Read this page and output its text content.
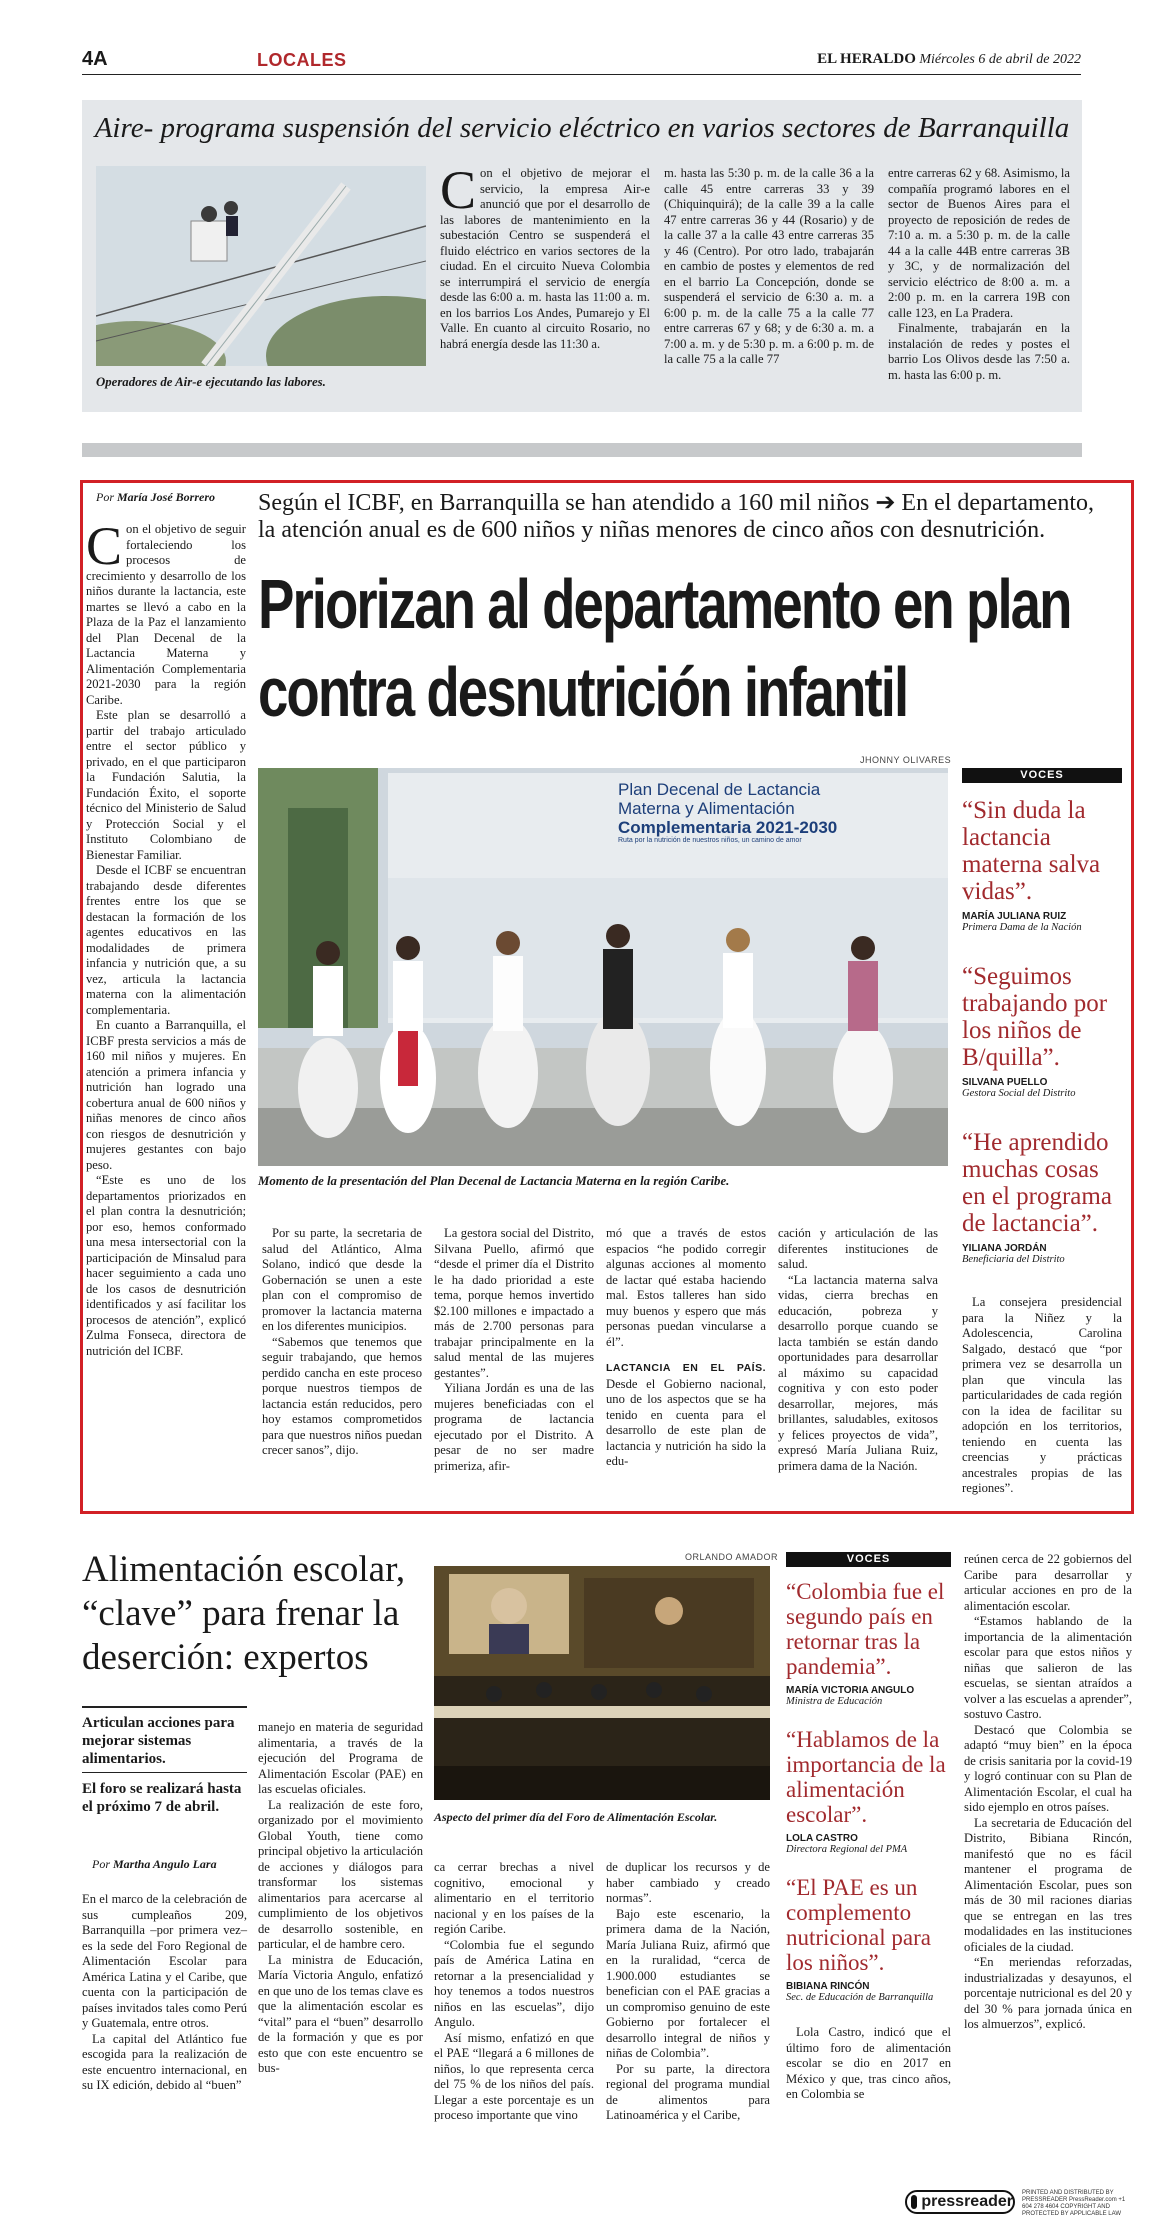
4A	LOCALES	EL HERALDO Miércoles 6 de abril de 2022
Aire- programa suspensión del servicio eléctrico en varios sectores de Barranquilla
Operadores de Air-e ejecutando las labores.
Con el objetivo de mejorar el servicio, la empresa Air-e anunció que por el desarrollo de las labores de mantenimiento en la subestación Centro se suspenderá el fluido eléctrico en varios sectores de la ciudad. En el circuito Nueva Colombia se interrumpirá el servicio de energía desde las 6:00 a. m. hasta las 11:00 a. m. en los barrios Los Andes, Pumarejo y El Valle. En cuanto al circuito Rosario, no habrá energía desde las 11:30 a.
m. hasta las 5:30 p. m. de la calle 36 a la calle 45 entre carreras 33 y 39 (Chiquinquirá); de la calle 39 a la calle 47 entre carreras 36 y 44 (Rosario) y de la calle 37 a la calle 43 entre carreras 35 y 46 (Centro). Por otro lado, trabajarán en cambio de postes y elementos de red en el barrio La Concepción, donde se suspenderá el servicio de 6:30 a. m. a 6:00 p. m. de la calle 75 a la calle 77 entre carreras 67 y 68; y de 6:30 a. m. a 7:00 a. m. y de 5:30 p. m. a 6:00 p. m. de la calle 75 a la calle 77
entre carreras 62 y 68. Asimismo, la compañía programó labores en el sector de Buenos Aires para el proyecto de reposición de redes de 7:10 a. m. a 5:30 p. m. de la calle 44 a la calle 44B entre carreras 3B y 3C, y de normalización del servicio eléctrico de 8:00 a. m. a 2:00 p. m. en la carrera 19B con calle 123, en La Pradera.

Finalmente, trabajarán en la instalación de redes y postes el barrio Los Olivos desde las 7:50 a. m. hasta las 6:00 p. m.

Por María José Borrero	Según el ICBF, en Barranquilla se han atendido a 160 mil niños ➔ En el departamento, la atención anual es de 600 niños y niñas menores de cinco años con desnutrición.
Priorizan al departamento en plan contra desnutrición infantil
Con el objetivo de seguir fortaleciendo los procesos de crecimiento y desarrollo de los niños durante la lactancia, este martes se llevó a cabo en la Plaza de la Paz el lanzamiento del Plan Decenal de la Lactancia Materna y Alimentación Complementaria 2021-2030 para la región Caribe.

Este plan se desarrolló a partir del trabajo articulado entre el sector público y privado, en el que participaron la Fundación Salutia, la Fundación Éxito, el soporte técnico del Ministerio de Salud y Protección Social y el Instituto Colombiano de Bienestar Familiar.

Desde el ICBF se encuentran trabajando desde diferentes frentes entre los que se destacan la formación de los agentes educativos en las modalidades de primera infancia y nutrición que, a su vez, articula la lactancia materna con la alimentación complementaria.

En cuanto a Barranquilla, el ICBF presta servicios a más de 160 mil niños y mujeres. En atención a primera infancia y nutrición han logrado una cobertura anual de 600 niños y niñas menores de cinco años con riesgos de desnutrición y mujeres gestantes con bajo peso.

“Este es uno de los departamentos priorizados en el plan contra la desnutrición; por eso, hemos conformado una mesa intersectorial con la participación de Minsalud para hacer seguimiento a cada uno de los casos de desnutrición identificados y así facilitar los procesos de atención”, explicó Zulma Fonseca, directora de nutrición del ICBF.

JHONNY OLIVARES
Plan Decenal de Lactancia
Materna y Alimentación
Complementaria 2021-2030
Ruta por la nutrición de nuestros niños, un camino de amor
Momento de la presentación del Plan Decenal de Lactancia Materna en la región Caribe.

Por su parte, la secretaria de salud del Atlántico, Alma Solano, indicó que desde la Gobernación se unen a este plan con el compromiso de promover la lactancia materna en los diferentes municipios.

“Sabemos que tenemos que seguir trabajando, que hemos perdido cancha en este proceso porque nuestros tiempos de lactancia están reducidos, pero hoy estamos comprometidos para que nuestros niños puedan crecer sanos”, dijo.

La gestora social del Distrito, Silvana Puello, afirmó que “desde el primer día el Distrito le ha dado prioridad a este tema, porque hemos invertido $2.100 millones e impactado a más de 2.700 personas para trabajar principalmente en la salud mental de las mujeres gestantes”.

Yiliana Jordán es una de las mujeres beneficiadas con el programa de lactancia ejecutado por el Distrito. A pesar de no ser madre primeriza, afir-

mó que a través de estos espacios “he podido corregir algunas acciones al momento de lactar qué estaba haciendo mal. Estos talleres han sido muy buenos y espero que más personas puedan vincularse a él”.

LACTANCIA EN EL PAÍS. Desde el Gobierno nacional, uno de los aspectos que se ha tenido en cuenta para el desarrollo de este plan de lactancia y nutrición ha sido la edu-

cación y articulación de las diferentes instituciones de salud.

“La lactancia materna salva vidas, cierra brechas en educación, pobreza y desarrollo porque cuando se lacta también se están dando oportunidades para desarrollar al máximo su capacidad cognitiva y con esto poder desarrollar, mejores, más brillantes, saludables, exitosos y felices proyectos de vida”, expresó María Juliana Ruiz, primera dama de la Nación.

VOCES
“Sin duda la lactancia materna salva vidas”.
MARÍA JULIANA RUIZ
Primera Dama de la Nación
“Seguimos trabajando por los niños de B/quilla”.
SILVANA PUELLO
Gestora Social del Distrito
“He aprendido muchas cosas en el programa de lactancia”.
YILIANA JORDÁN
Beneficiaria del Distrito

La consejera presidencial para la Niñez y la Adolescencia, Carolina Salgado, destacó que “por primera vez se desarrolla un plan que vincula las particularidades de cada región con la idea de facilitar su adopción en los territorios, teniendo en cuenta las creencias y prácticas ancestrales propias de las regiones”.

Alimentación escolar, “clave” para frenar la deserción: expertos
Articulan acciones para mejorar sistemas alimentarios.
El foro se realizará hasta el próximo 7 de abril.
Por Martha Angulo Lara
En el marco de la celebración de sus cumpleaños 209, Barranquilla –por primera vez– es la sede del Foro Regional de Alimentación Escolar para América Latina y el Caribe, que cuenta con la participación de países invitados tales como Perú y Guatemala, entre otros.

La capital del Atlántico fue escogida para la realización de este encuentro internacional, en su IX edición, debido al “buen”

manejo en materia de seguridad alimentaria, a través de la ejecución del Programa de Alimentación Escolar (PAE) en las escuelas oficiales.

La realización de este foro, organizado por el movimiento Global Youth, tiene como principal objetivo la articulación de acciones y diálogos para transformar los sistemas alimentarios para acercarse al cumplimiento de los objetivos de desarrollo sostenible, en particular, el de hambre cero.

La ministra de Educación, María Victoria Angulo, enfatizó en que uno de los temas clave es que la alimentación escolar es “vital” para el “buen” desarrollo de la formación y que es por esto que con este encuentro se bus-

ORLANDO AMADOR
Aspecto del primer día del Foro de Alimentación Escolar.
ca cerrar brechas a nivel cognitivo, emocional y alimentario en el territorio nacional y en los países de la región Caribe.

“Colombia fue el segundo país de América Latina en retornar a la presencialidad y hoy tenemos a todos nuestros niños en las escuelas”, dijo Angulo.

Así mismo, enfatizó en que el PAE “llegará a 6 millones de niños, lo que representa cerca del 75 % de los niños del país. Llegar a este porcentaje es un proceso importante que vino

de duplicar los recursos y de haber cambiado y creado normas”.

Bajo este escenario, la primera dama de la Nación, María Juliana Ruiz, afirmó que en la ruralidad, “cerca de 1.900.000 estudiantes se benefician con el PAE gracias a un compromiso genuino de este Gobierno por fortalecer el desarrollo integral de niños y niñas de Colombia”.

Por su parte, la directora regional del programa mundial de alimentos para Latinoamérica y el Caribe,

VOCES
“Colombia fue el segundo país en retornar tras la pandemia”.
MARÍA VICTORIA ANGULO
Ministra de Educación
“Hablamos de la importancia de la alimentación escolar”.
LOLA CASTRO
Directora Regional del PMA
“El PAE es un complemento nutricional para los niños”.
BIBIANA RINCÓN
Sec. de Educación de Barranquilla

Lola Castro, indicó que el último foro de alimentación escolar se dio en 2017 en México y que, tras cinco años, en Colombia se

reúnen cerca de 22 gobiernos del Caribe para desarrollar y articular acciones en pro de la alimentación escolar.

“Estamos hablando de la importancia de la alimentación escolar para que estos niños y niñas que salieron de las escuelas, se sientan atraídos a volver a las escuelas a aprender”, sostuvo Castro.

Destacó que Colombia se adaptó “muy bien” en la época de crisis sanitaria por la covid-19 y logró continuar con su Plan de Alimentación Escolar, el cual ha sido ejemplo en otros países.

La secretaria de Educación del Distrito, Bibiana Rincón, manifestó que no es fácil mantener el programa de Alimentación Escolar, pues son más de 30 mil raciones diarias que se entregan en las tres modalidades en las instituciones oficiales de la ciudad.

“En meriendas reforzadas, industrializadas y desayunos, el porcentaje nutricional es del 20 y del 30 % para jornada única en los almuerzos”, explicó.

pressreader PRINTED AND DISTRIBUTED BY PRESSREADER PressReader.com +1 604 278 4604 COPYRIGHT AND PROTECTED BY APPLICABLE LAW
